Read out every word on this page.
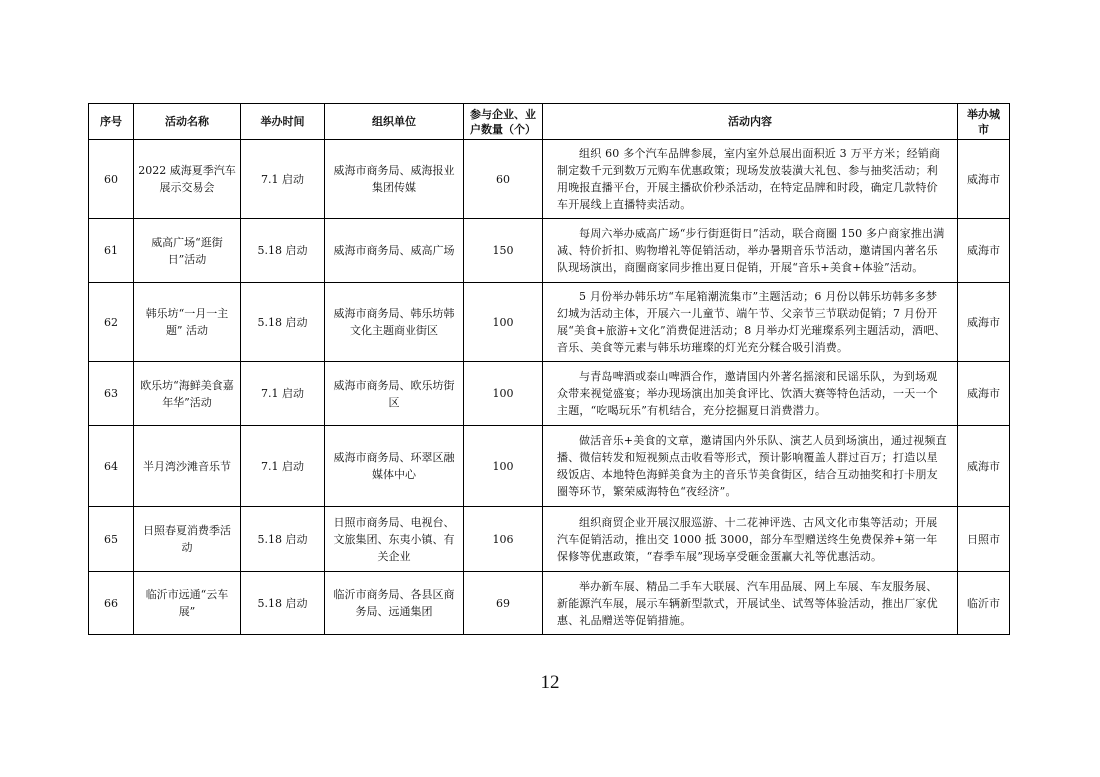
序号	活动名称	举办时间	组织单位	参与企业、业户数量（个）	活动内容	举办城市
60	2022 威海夏季汽车展示交易会	7.1 启动	威海市商务局、威海报业集团传媒	60	组织 60 多个汽车品牌参展，室内室外总展出面积近 3 万平方米；经销商制定数千元到数万元购车优惠政策；现场发放装潢大礼包、参与抽奖活动；利用晚报直播平台，开展主播砍价秒杀活动，在特定品牌和时段，确定几款特价车开展线上直播特卖活动。	威海市
61	威高广场“逛街日”活动	5.18 启动	威海市商务局、威高广场	150	每周六举办威高广场“步行街逛街日”活动，联合商圈 150 多户商家推出满减、特价折扣、购物增礼等促销活动，举办暑期音乐节活动，邀请国内著名乐队现场演出，商圈商家同步推出夏日促销，开展“音乐+美食+体验”活动。	威海市
62	韩乐坊“一月一主题” 活动	5.18 启动	威海市商务局、韩乐坊韩文化主题商业街区	100	5 月份举办韩乐坊“车尾箱潮流集市”主题活动；6 月份以韩乐坊韩多多梦幻城为活动主体，开展六一儿童节、端午节、父亲节三节联动促销；7 月份开展“美食+旅游+文化”消费促进活动；8 月举办灯光璀璨系列主题活动，酒吧、音乐、美食等元素与韩乐坊璀璨的灯光充分糅合吸引消费。	威海市
63	欧乐坊“海鲜美食嘉年华”活动	7.1 启动	威海市商务局、欧乐坊街区	100	与青岛啤酒或泰山啤酒合作，邀请国内外著名摇滚和民谣乐队，为到场观众带来视觉盛宴；举办现场演出加美食评比、饮酒大赛等特色活动，一天一个主题，“吃喝玩乐”有机结合，充分挖掘夏日消费潜力。	威海市
64	半月湾沙滩音乐节	7.1 启动	威海市商务局、环翠区融媒体中心	100	做活音乐+美食的文章，邀请国内外乐队、演艺人员到场演出，通过视频直播、微信转发和短视频点击收看等形式，预计影响覆盖人群过百万；打造以星级饭店、本地特色海鲜美食为主的音乐节美食街区，结合互动抽奖和打卡朋友圈等环节，繁荣威海特色“夜经济”。	威海市
65	日照春夏消费季活动	5.18 启动	日照市商务局、电视台、文旅集团、东夷小镇、有关企业	106	组织商贸企业开展汉服巡游、十二花神评选、古风文化市集等活动；开展汽车促销活动，推出交 1000 抵 3000，部分车型赠送终生免费保养+第一年保修等优惠政策，“春季车展”现场享受砸金蛋赢大礼等优惠活动。	日照市
66	临沂市远通“云车展”	5.18 启动	临沂市商务局、各县区商务局、远通集团	69	举办新车展、精品二手车大联展、汽车用品展、网上车展、车友服务展、新能源汽车展，展示车辆新型款式，开展试坐、试驾等体验活动，推出厂家优惠、礼品赠送等促销措施。	临沂市
12
